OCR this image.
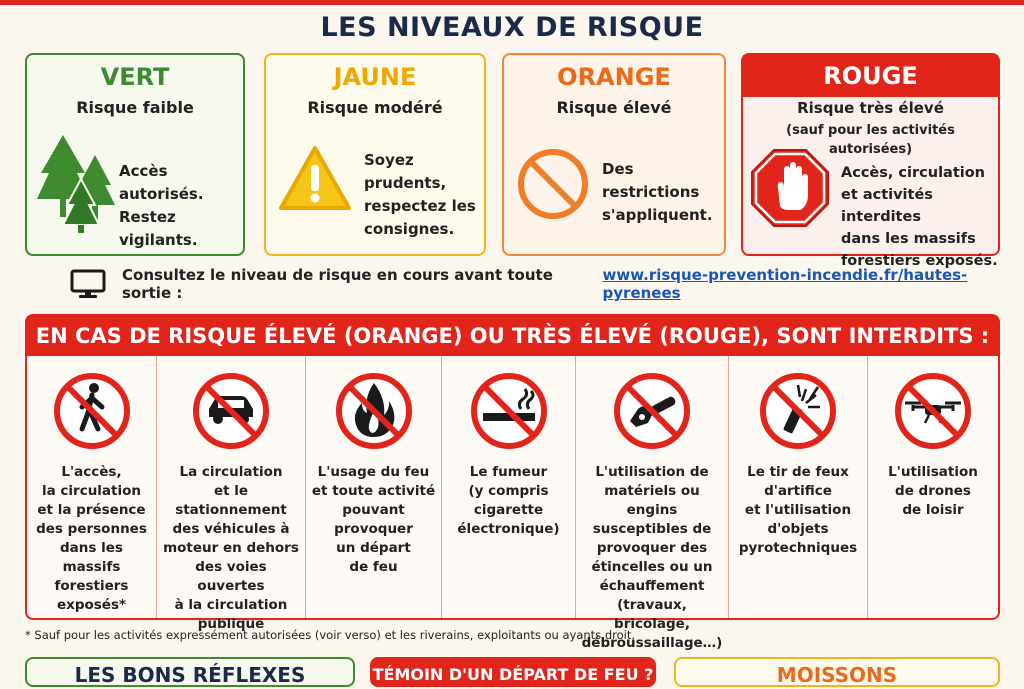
LES NIVEAUX DE RISQUE
VERT
Risque faible
Accès autorisés.
Restez vigilants.
JAUNE
Risque modéré
Soyez prudents,
respectez les
consignes.
ORANGE
Risque élevé
Des restrictions
s'appliquent.
ROUGE
Risque très élevé
(sauf pour les activités
autorisées)
Accès, circulation
et activités interdites
dans les massifs
forestiers exposés.
Consultez le niveau de risque en cours avant toute sortie :
www.risque-prevention-incendie.fr/hautes-pyrenees
EN CAS DE RISQUE ÉLEVÉ (ORANGE) OU TRÈS ÉLEVÉ (ROUGE), SONT INTERDITS :
L'accès,
la circulation
et la présence
des personnes
dans les massifs
forestiers
exposés*
La circulation
et le stationnement
des véhicules à
moteur en dehors
des voies ouvertes
à la circulation
publique
L'usage du feu
et toute activité
pouvant
provoquer
un départ
de feu
Le fumeur
(y compris
cigarette
électronique)
L'utilisation de
matériels ou engins
susceptibles de
provoquer des
étincelles ou un
échauffement
(travaux, bricolage,
débroussaillage…)
Le tir de feux
d'artifice
et l'utilisation
d'objets
pyrotechniques
L'utilisation
de drones
de loisir
* Sauf pour les activités expressément autorisées (voir verso) et les riverains, exploitants ou ayants droit.
LES BONS RÉFLEXES	TÉMOIN D'UN DÉPART DE FEU ?	MOISSONS
